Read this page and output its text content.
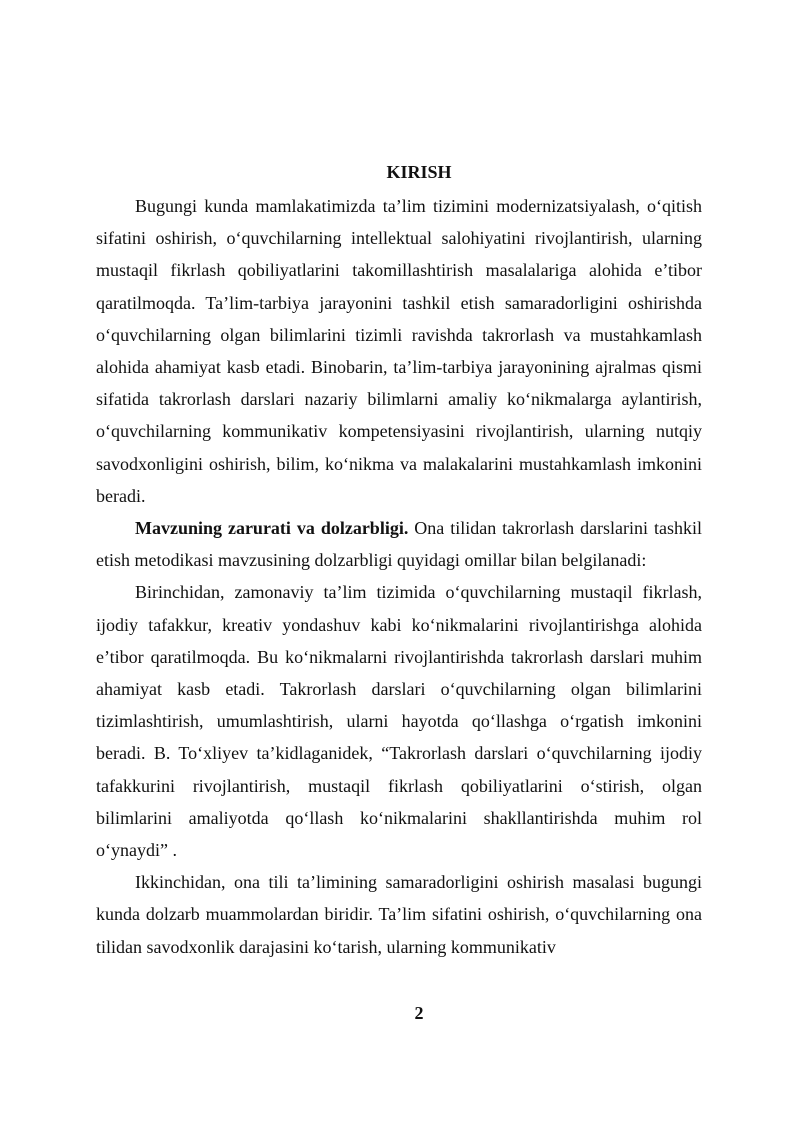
KIRISH

Bugungi kunda mamlakatimizda ta’lim tizimini modernizatsiyalash, o‘qitish sifatini oshirish, o‘quvchilarning intellektual salohiyatini rivojlantirish, ularning mustaqil fikrlash qobiliyatlarini takomillashtirish masalalariga alohida e’tibor qaratilmoqda. Ta’lim-tarbiya jarayonini tashkil etish samaradorligini oshirishda o‘quvchilarning olgan bilimlarini tizimli ravishda takrorlash va mustahkamlash alohida ahamiyat kasb etadi. Binobarin, ta’lim-tarbiya jarayonining ajralmas qismi sifatida takrorlash darslari nazariy bilimlarni amaliy ko‘nikmalarga aylantirish, o‘quvchilarning kommunikativ kompetensiyasini rivojlantirish, ularning nutqiy savodxonligini oshirish, bilim, ko‘nikma va malakalarini mustahkamlash imkonini beradi.

Mavzuning zarurati va dolzarbligi. Ona tilidan takrorlash darslarini tashkil etish metodikasi mavzusining dolzarbligi quyidagi omillar bilan belgilanadi:

Birinchidan, zamonaviy ta’lim tizimida o‘quvchilarning mustaqil fikrlash, ijodiy tafakkur, kreativ yondashuv kabi ko‘nikmalarini rivojlantirishga alohida e’tibor qaratilmoqda. Bu ko‘nikmalarni rivojlantirishda takrorlash darslari muhim ahamiyat kasb etadi. Takrorlash darslari o‘quvchilarning olgan bilimlarini tizimlashtirish, umumlashtirish, ularni hayotda qo‘llashga o‘rgatish imkonini beradi. B. To‘xliyev ta’kidlaganidek, “Takrorlash darslari o‘quvchilarning ijodiy tafakkurini rivojlantirish, mustaqil fikrlash qobiliyatlarini o‘stirish, olgan bilimlarini amaliyotda qo‘llash ko‘nikmalarini shakllantirishda muhim rol o‘ynaydi” .

Ikkinchidan, ona tili ta’limining samaradorligini oshirish masalasi bugungi kunda dolzarb muammolardan biridir. Ta’lim sifatini oshirish, o‘quvchilarning ona tilidan savodxonlik darajasini ko‘tarish, ularning kommunikativ

2
